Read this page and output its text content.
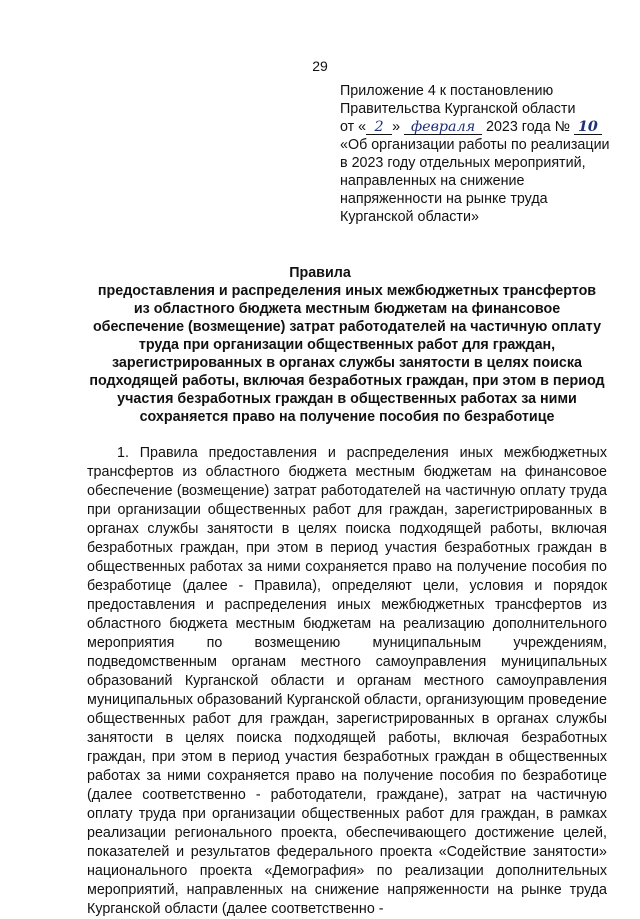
29
Приложение 4 к постановлению
Правительства Курганской области
от « 2 » февраля 2023 года № 10
«Об организации работы по реализации
в 2023 году отдельных мероприятий,
направленных на снижение
напряженности на рынке труда
Курганской области»
Правила
предоставления и распределения иных межбюджетных трансфертов из областного бюджета местным бюджетам на финансовое обеспечение (возмещение) затрат работодателей на частичную оплату труда при организации общественных работ для граждан, зарегистрированных в органах службы занятости в целях поиска подходящей работы, включая безработных граждан, при этом в период участия безработных граждан в общественных работах за ними сохраняется право на получение пособия по безработице
1. Правила предоставления и распределения иных межбюджетных трансфертов из областного бюджета местным бюджетам на финансовое обеспечение (возмещение) затрат работодателей на частичную оплату труда при организации общественных работ для граждан, зарегистрированных в органах службы занятости в целях поиска подходящей работы, включая безработных граждан, при этом в период участия безработных граждан в общественных работах за ними сохраняется право на получение пособия по безработице (далее - Правила), определяют цели, условия и порядок предоставления и распределения иных межбюджетных трансфертов из областного бюджета местным бюджетам на реализацию дополнительного мероприятия по возмещению муниципальным учреждениям, подведомственным органам местного самоуправления муниципальных образований Курганской области и органам местного самоуправления муниципальных образований Курганской области, организующим проведение общественных работ для граждан, зарегистрированных в органах службы занятости в целях поиска подходящей работы, включая безработных граждан, при этом в период участия безработных граждан в общественных работах за ними сохраняется право на получение пособия по безработице (далее соответственно - работодатели, граждане), затрат на частичную оплату труда при организации общественных работ для граждан, в рамках реализации регионального проекта, обеспечивающего достижение целей, показателей и результатов федерального проекта «Содействие занятости» национального проекта «Демография» по реализации дополнительных мероприятий, направленных на снижение напряженности на рынке труда Курганской области (далее соответственно -
